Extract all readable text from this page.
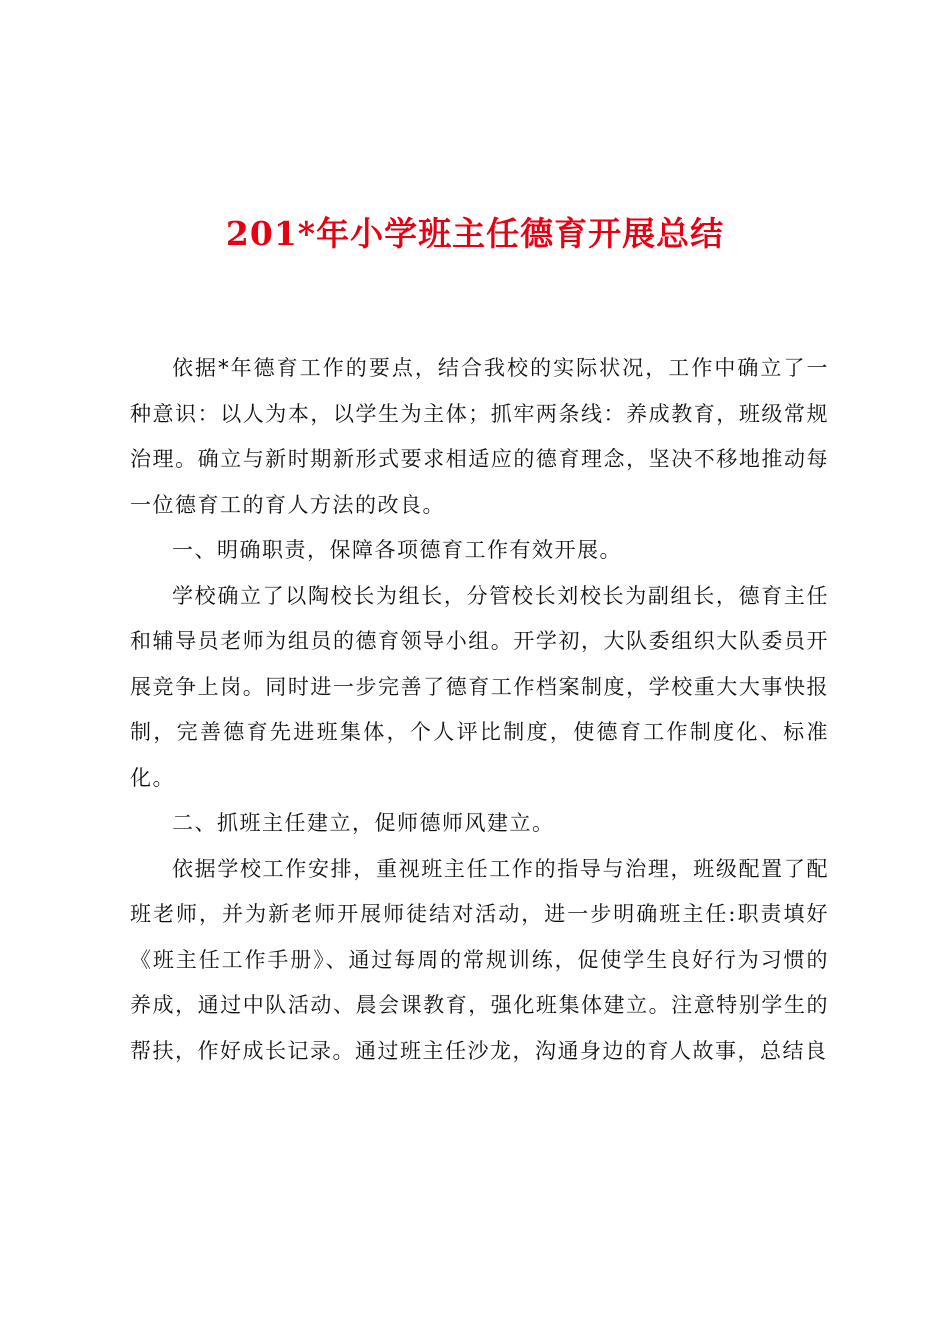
201*年小学班主任德育开展总结

依据*年德育工作的要点，结合我校的实际状况，工作中确立了一种意识：以人为本，以学生为主体；抓牢两条线：养成教育，班级常规治理。确立与新时期新形式要求相适应的德育理念，坚决不移地推动每一位德育工的育人方法的改良。

一、明确职责，保障各项德育工作有效开展。

学校确立了以陶校长为组长，分管校长刘校长为副组长，德育主任和辅导员老师为组员的德育领导小组。开学初，大队委组织大队委员开展竞争上岗。同时进一步完善了德育工作档案制度，学校重大大事快报制，完善德育先进班集体，个人评比制度，使德育工作制度化、标准化。

二、抓班主任建立，促师德师风建立。

依据学校工作安排，重视班主任工作的指导与治理，班级配置了配班老师，并为新老师开展师徒结对活动，进一步明确班主任:职责填好《班主任工作手册》、通过每周的常规训练，促使学生良好行为习惯的养成，通过中队活动、晨会课教育，强化班集体建立。注意特别学生的帮扶，作好成长记录。通过班主任沙龙，沟通身边的育人故事，总结良
